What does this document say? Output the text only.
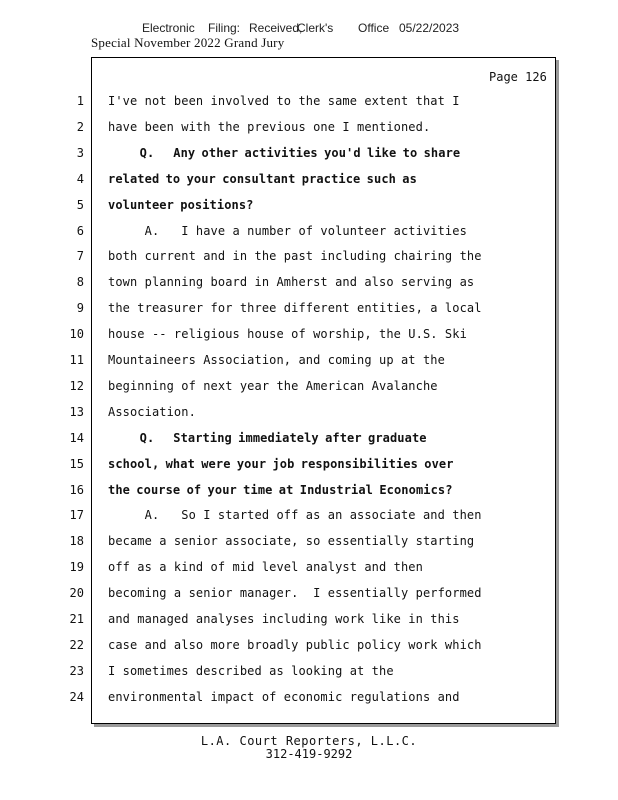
Electronic Filing: Received,
Clerk's Office 05/22/2023
Special November 2022 Grand Jury
Page 126
1 I've not been involved to the same extent that I
2 have been with the previous one I mentioned.
3 Q.   Any other activities you'd like to share
4 related to your consultant practice such as
5 volunteer positions?
6 A.   I have a number of volunteer activities
7 both current and in the past including chairing the
8 town planning board in Amherst and also serving as
9 the treasurer for three different entities, a local
10 house -- religious house of worship, the U.S. Ski
11 Mountaineers Association, and coming up at the
12 beginning of next year the American Avalanche
13 Association.
14 Q.   Starting immediately after graduate
15 school, what were your job responsibilities over
16 the course of your time at Industrial Economics?
17 A.   So I started off as an associate and then
18 became a senior associate, so essentially starting
19 off as a kind of mid level analyst and then
20 becoming a senior manager.  I essentially performed
21 and managed analyses including work like in this
22 case and also more broadly public policy work which
23 I sometimes described as looking at the
24 environmental impact of economic regulations and
L.A. Court Reporters, L.L.C.
312-419-9292
